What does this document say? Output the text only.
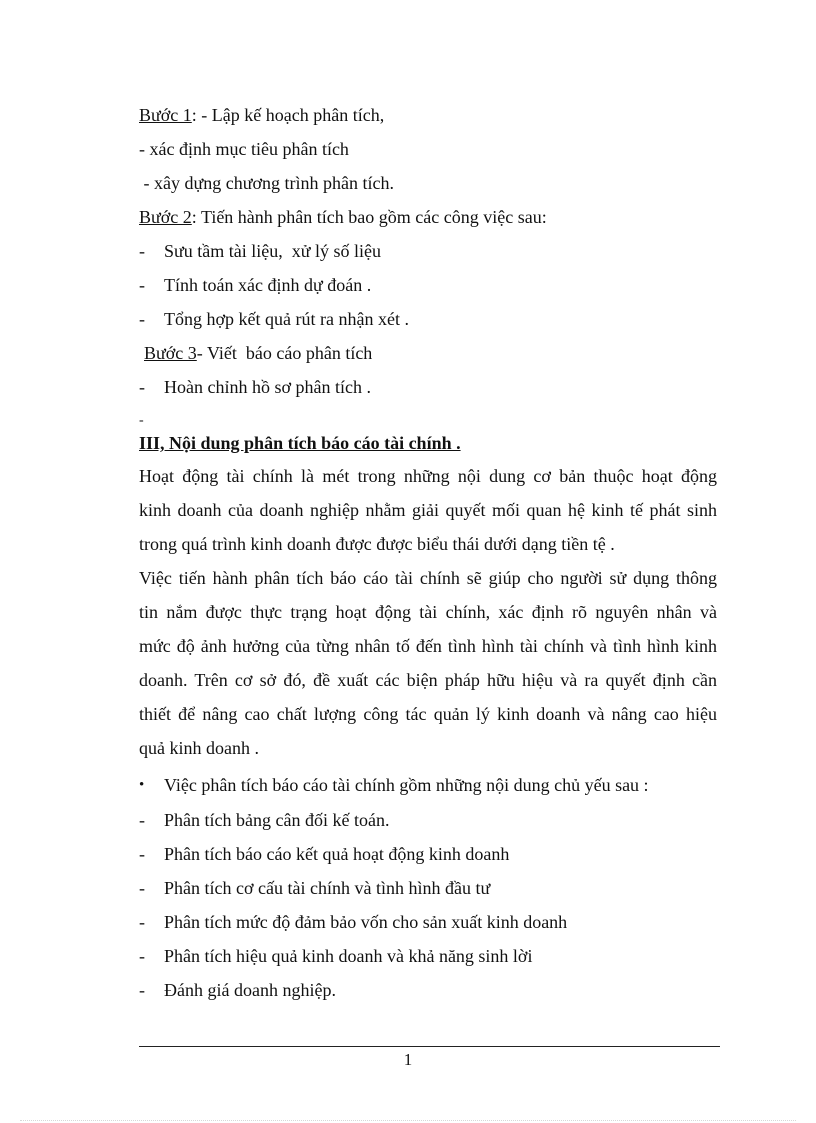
Bước 1: - Lập kế hoạch phân tích,
- xác định mục tiêu phân tích
- xây dựng chương trình phân tích.
Bước 2: Tiến hành phân tích bao gồm các công việc sau:
- Sưu tầm tài liệu,  xử lý số liệu
- Tính toán xác định dự đoán .
- Tổng hợp kết quả rút ra nhận xét .
Bước 3- Viết  báo cáo phân tích
- Hoàn chỉnh hồ sơ phân tích .
-
III, Nội dung phân tích báo cáo tài chính .
Hoạt động tài chính là mét trong những nội dung cơ bản thuộc hoạt động
kinh doanh của doanh nghiệp nhằm giải quyết mối quan hệ kinh tế phát sinh
trong quá trình kinh doanh được được biểu thái dưới dạng tiền tệ .
Việc tiến hành phân tích báo cáo tài chính sẽ giúp cho người sử dụng thông
tin nắm được thực trạng hoạt động tài chính, xác định rõ nguyên nhân và
mức độ ảnh hưởng của từng nhân tố đến tình hình tài chính và tình hình kinh
doanh. Trên cơ sở đó, đề xuất các biện pháp hữu hiệu và ra quyết định cần
thiết để nâng cao chất lượng công tác quản lý kinh doanh và nâng cao hiệu
quả kinh doanh .
• Việc phân tích báo cáo tài chính gồm những nội dung chủ yếu sau :
- Phân tích bảng cân đối kế toán.
- Phân tích báo cáo kết quả hoạt động kinh doanh
- Phân tích cơ cấu tài chính và tình hình đầu tư
- Phân tích mức độ đảm bảo vốn cho sản xuất kinh doanh
- Phân tích hiệu quả kinh doanh và khả năng sinh lời
- Đánh giá doanh nghiệp.
1
